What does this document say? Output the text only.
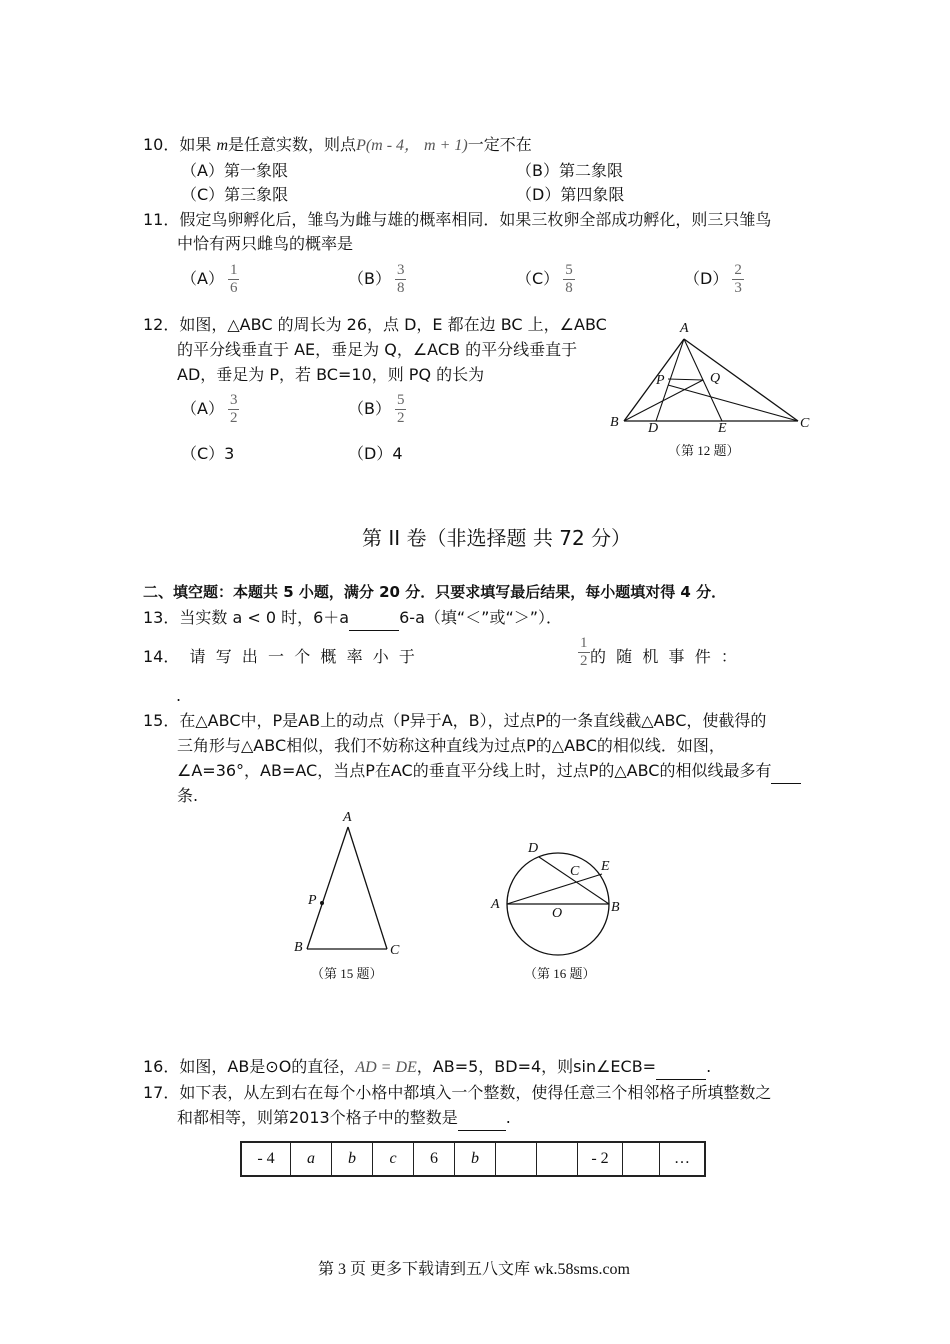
10．如果 m是任意实数，则点P(m - 4， m + 1)一定不在
（A）第一象限	（B）第二象限
（C）第三象限	（D）第四象限
11．假定鸟卵孵化后，雏鸟为雌与雄的概率相同．如果三枚卵全部成功孵化，则三只雏鸟
中恰有两只雌鸟的概率是
$(A) \frac{1}{6}$	$(B) \frac{3}{8}$	$(C) \frac{5}{8}$	$(D) \frac{2}{3}$
12．如图，△ABC 的周长为 26，点 D，E 都在边 BC 上，∠ABC
的平分线垂直于 AE，垂足为 Q，∠ACB 的平分线垂直于
AD，垂足为 P，若 BC=10，则 PQ 的长为
$(A) \frac{3}{2}$	$(B) \frac{5}{2}$
（C）3	（D）4
A
B	C
D	E
P	Q
（第 12 题）
第 II 卷（非选择题 共 72 分）
二、填空题：本题共 5 小题，满分 20 分．只要求填写最后结果，每小题填对得 4 分．
13．当实数 a < 0 时，6＋a	6-a（填“＜”或“＞”）．
14．  请  写  出  一  个  概  率  小  于	$\frac{1}{2}$ 的  随  机  事  件  ：
.
15．在△ABC中，P是AB上的动点（P异于A，B），过点P的一条直线截△ABC，使截得的
三角形与△ABC相似，我们不妨称这种直线为过点P的△ABC的相似线．如图，
∠A=36°，AB=AC，当点P在AC的垂直平分线上时，过点P的△ABC的相似线最多有
条.
A
B	C
P
（第 15 题）
A	B
C
D
E
O
（第 16 题）
16．如图，AB是⊙O的直径，AD = DE，AB=5，BD=4，则sin∠ECB=	.
17．如下表，从左到右在每个小格中都填入一个整数，使得任意三个相邻格子所填整数之
和都相等，则第2013个格子中的整数是	.
- 4	a	b	c	6	b			- 2		…
第 3 页 更多下载请到五八文库 wk.58sms.com
